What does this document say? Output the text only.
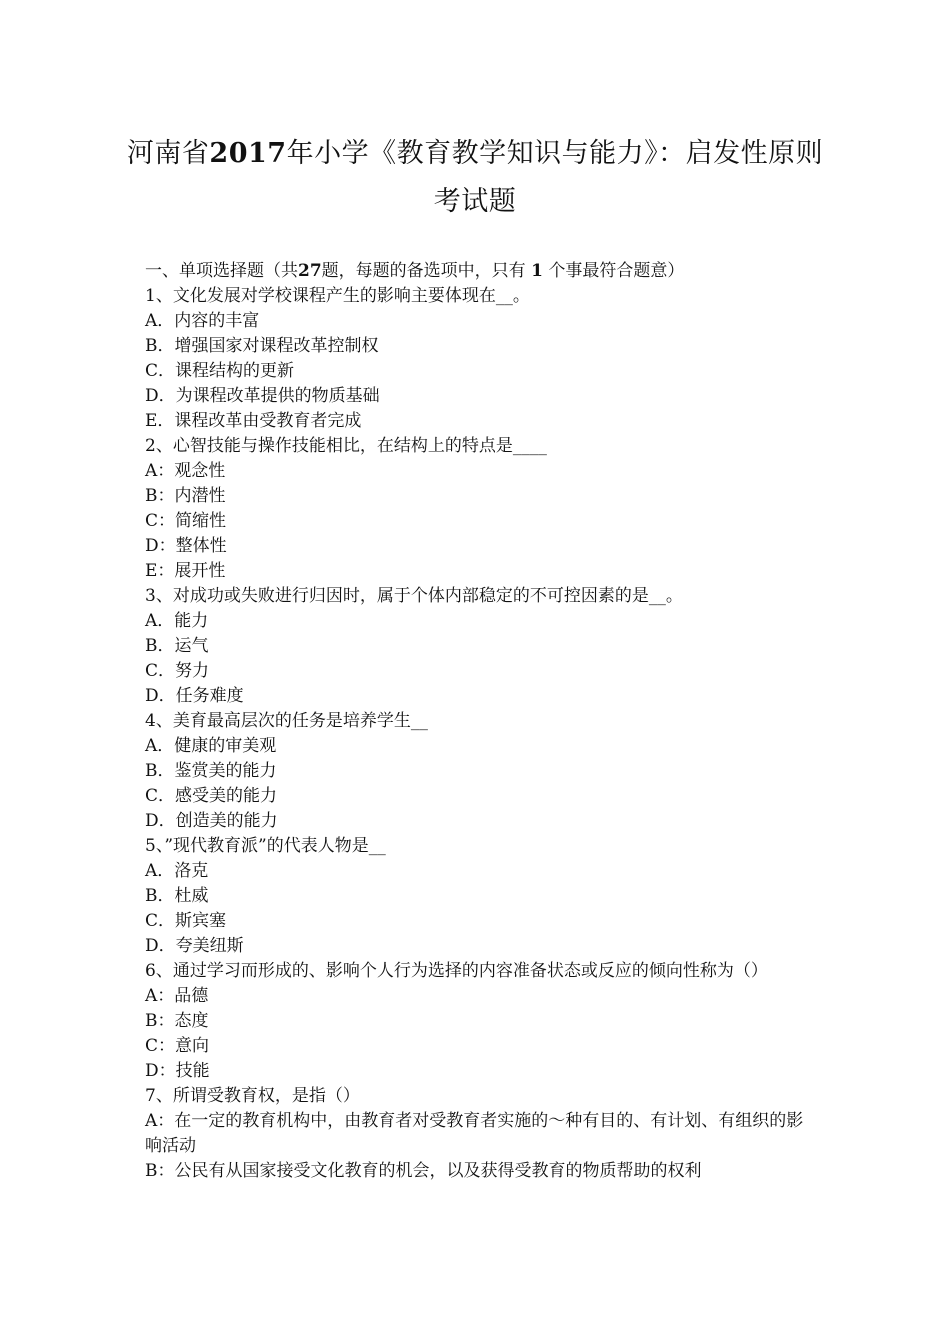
河南省2017年小学《教育教学知识与能力》：启发性原则
考试题
一、单项选择题（共27题，每题的备选项中，只有 1 个事最符合题意）
1、文化发展对学校课程产生的影响主要体现在__。
A．内容的丰富
B．增强国家对课程改革控制权
C．课程结构的更新
D．为课程改革提供的物质基础
E．课程改革由受教育者完成
2、心智技能与操作技能相比，在结构上的特点是____
A：观念性
B：内潜性
C：简缩性
D：整体性
E：展开性
3、对成功或失败进行归因时，属于个体内部稳定的不可控因素的是__。
A．能力
B．运气
C．努力
D．任务难度
4、美育最高层次的任务是培养学生__
A．健康的审美观
B．鉴赏美的能力
C．感受美的能力
D．创造美的能力
5、”现代教育派”的代表人物是__
A．洛克
B．杜威
C．斯宾塞
D．夸美纽斯
6、通过学习而形成的、影响个人行为选择的内容准备状态或反应的倾向性称为（）
A：品德
B：态度
C：意向
D：技能
7、所谓受教育权，是指（）
A：在一定的教育机构中，由教育者对受教育者实施的～种有目的、有计划、有组织的影响活动
B：公民有从国家接受文化教育的机会，以及获得受教育的物质帮助的权利
